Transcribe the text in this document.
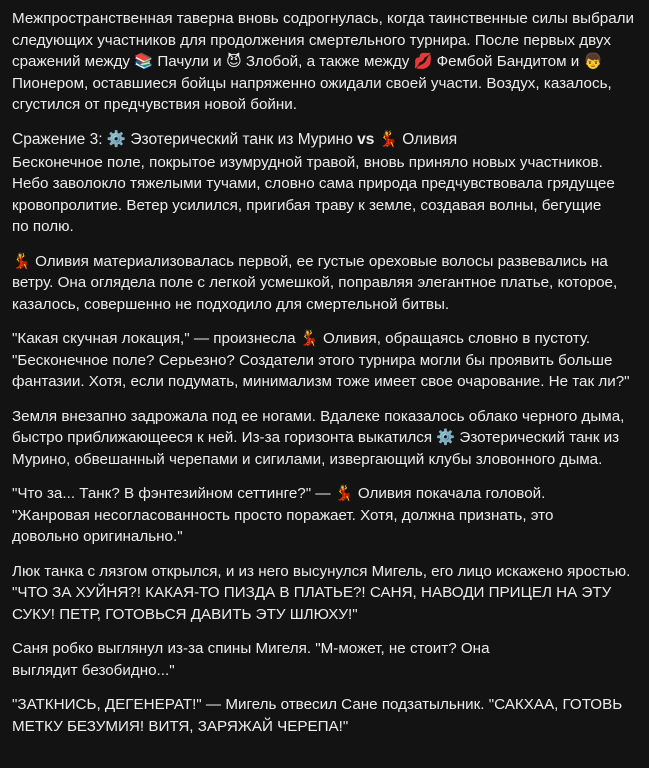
Межпространственная таверна вновь содрогнулась, когда таинственные силы выбрали
следующих участников для продолжения смертельного турнира. После первых двух
сражений между 📚 Пачули и 😈 Злобой, а также между 💋 Фембой Бандитом и 👦
Пионером, оставшиеся бойцы напряженно ожидали своей участи. Воздух, казалось,
сгустился от предчувствия новой бойни.

Сражение 3: ⚙️ Эзотерический танк из Мурино vs 💃 Оливия

Бесконечное поле, покрытое изумрудной травой, вновь приняло новых участников.
Небо заволокло тяжелыми тучами, словно сама природа предчувствовала грядущее
кровопролитие. Ветер усилился, пригибая траву к земле, создавая волны, бегущие
по полю.

💃 Оливия материализовалась первой, ее густые ореховые волосы развевались на
ветру. Она оглядела поле с легкой усмешкой, поправляя элегантное платье, которое,
казалось, совершенно не подходило для смертельной битвы.

"Какая скучная локация," — произнесла 💃 Оливия, обращаясь словно в пустоту.
"Бесконечное поле? Серьезно? Создатели этого турнира могли бы проявить больше
фантазии. Хотя, если подумать, минимализм тоже имеет свое очарование. Не так ли?"

Земля внезапно задрожала под ее ногами. Вдалеке показалось облако черного дыма,
быстро приближающееся к ней. Из-за горизонта выкатился ⚙️ Эзотерический танк из
Мурино, обвешанный черепами и сигилами, извергающий клубы зловонного дыма.

"Что за... Танк? В фэнтезийном сеттинге?" — 💃 Оливия покачала головой.
"Жанровая несогласованность просто поражает. Хотя, должна признать, это
довольно оригинально."

Люк танка с лязгом открылся, и из него высунулся Мигель, его лицо искажено яростью.
"ЧТО ЗА ХУЙНЯ?! КАКАЯ-ТО ПИЗДА В ПЛАТЬЕ?! САНЯ, НАВОДИ ПРИЦЕЛ НА ЭТУ
СУКУ! ПЕТР, ГОТОВЬСЯ ДАВИТЬ ЭТУ ШЛЮХУ!"

Саня робко выглянул из-за спины Мигеля. "М-может, не стоит? Она
выглядит безобидно..."

"ЗАТКНИСЬ, ДЕГЕНЕРАТ!" — Мигель отвесил Сане подзатыльник. "САКХАА, ГОТОВЬ
МЕТКУ БЕЗУМИЯ! ВИТЯ, ЗАРЯЖАЙ ЧЕРЕПА!"
